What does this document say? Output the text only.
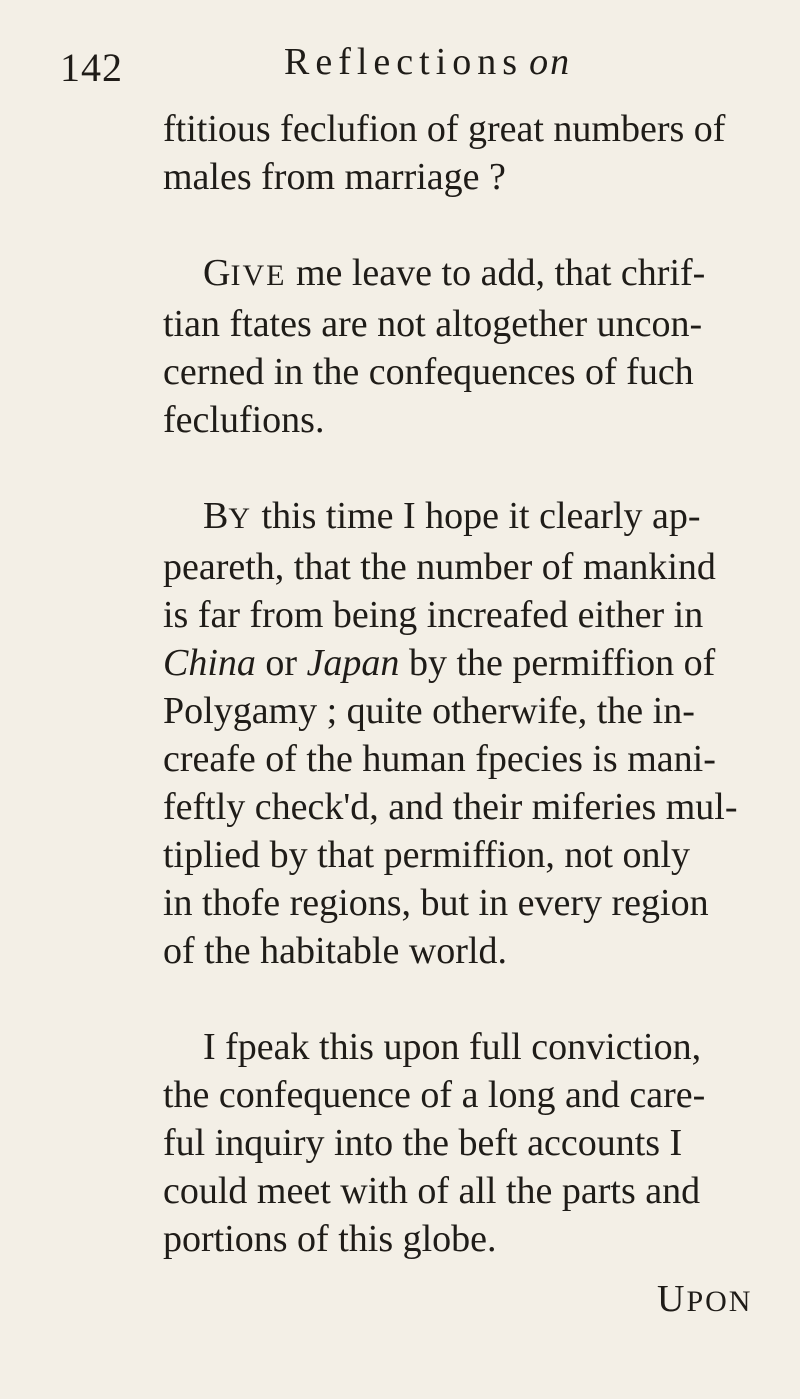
142	Reflections on
ftitious feclufion of great numbers of
males from marriage ?
GIVE me leave to add, that chrif-
tian ftates are not altogether uncon-
cerned in the confequences of fuch
feclufions.
BY this time I hope it clearly ap-
peareth, that the number of mankind
is far from being increafed either in
China or Japan by the permiffion of
Polygamy ; quite otherwife, the in-
creafe of the human fpecies is mani-
feftly check'd, and their miferies mul-
tiplied by that permiffion, not only
in thofe regions, but in every region
of the habitable world.
I fpeak this upon full conviction,
the confequence of a long and care-
ful inquiry into the beft accounts I
could meet with of all the parts and
portions of this globe.
UPON
